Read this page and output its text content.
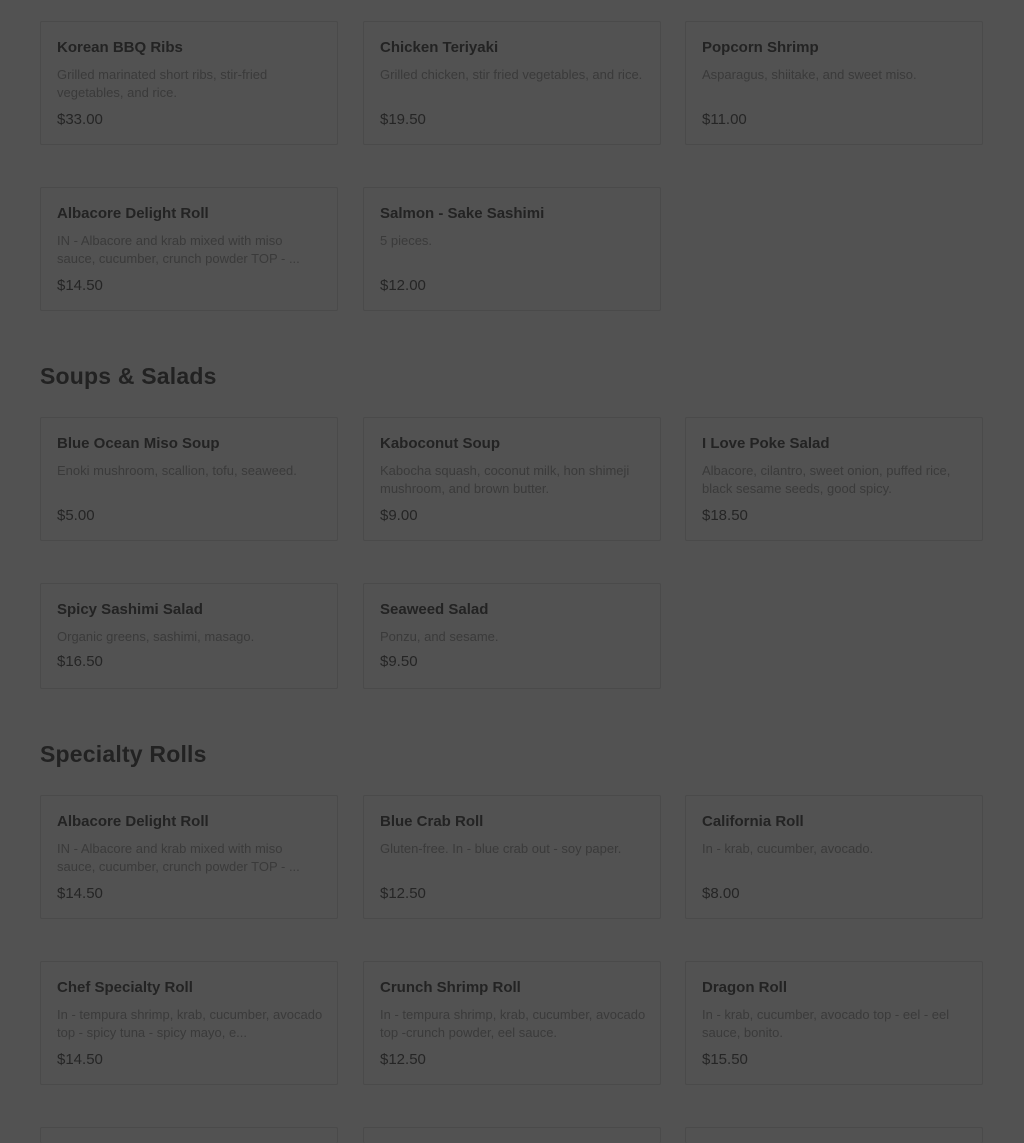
Korean BBQ Ribs
Grilled marinated short ribs, stir-fried vegetables, and rice.
$33.00
Chicken Teriyaki
Grilled chicken, stir fried vegetables, and rice.
$19.50
Popcorn Shrimp
Asparagus, shiitake, and sweet miso.
$11.00
Albacore Delight Roll
IN - Albacore and krab mixed with miso sauce, cucumber, crunch powder TOP - ...
$14.50
Salmon - Sake Sashimi
5 pieces.
$12.00
Soups & Salads
Blue Ocean Miso Soup
Enoki mushroom, scallion, tofu, seaweed.
$5.00
Kaboconut Soup
Kabocha squash, coconut milk, hon shimeji mushroom, and brown butter.
$9.00
I Love Poke Salad
Albacore, cilantro, sweet onion, puffed rice, black sesame seeds, good spicy.
$18.50
Spicy Sashimi Salad
Organic greens, sashimi, masago.
$16.50
Seaweed Salad
Ponzu, and sesame.
$9.50
Specialty Rolls
Albacore Delight Roll
IN - Albacore and krab mixed with miso sauce, cucumber, crunch powder TOP - ...
$14.50
Blue Crab Roll
Gluten-free. In - blue crab out - soy paper.
$12.50
California Roll
In - krab, cucumber, avocado.
$8.00
Chef Specialty Roll
In - tempura shrimp, krab, cucumber, avocado top - spicy tuna - spicy mayo, e...
$14.50
Crunch Shrimp Roll
In - tempura shrimp, krab, cucumber, avocado top -crunch powder, eel sauce.
$12.50
Dragon Roll
In - krab, cucumber, avocado top - eel - eel sauce, bonito.
$15.50
